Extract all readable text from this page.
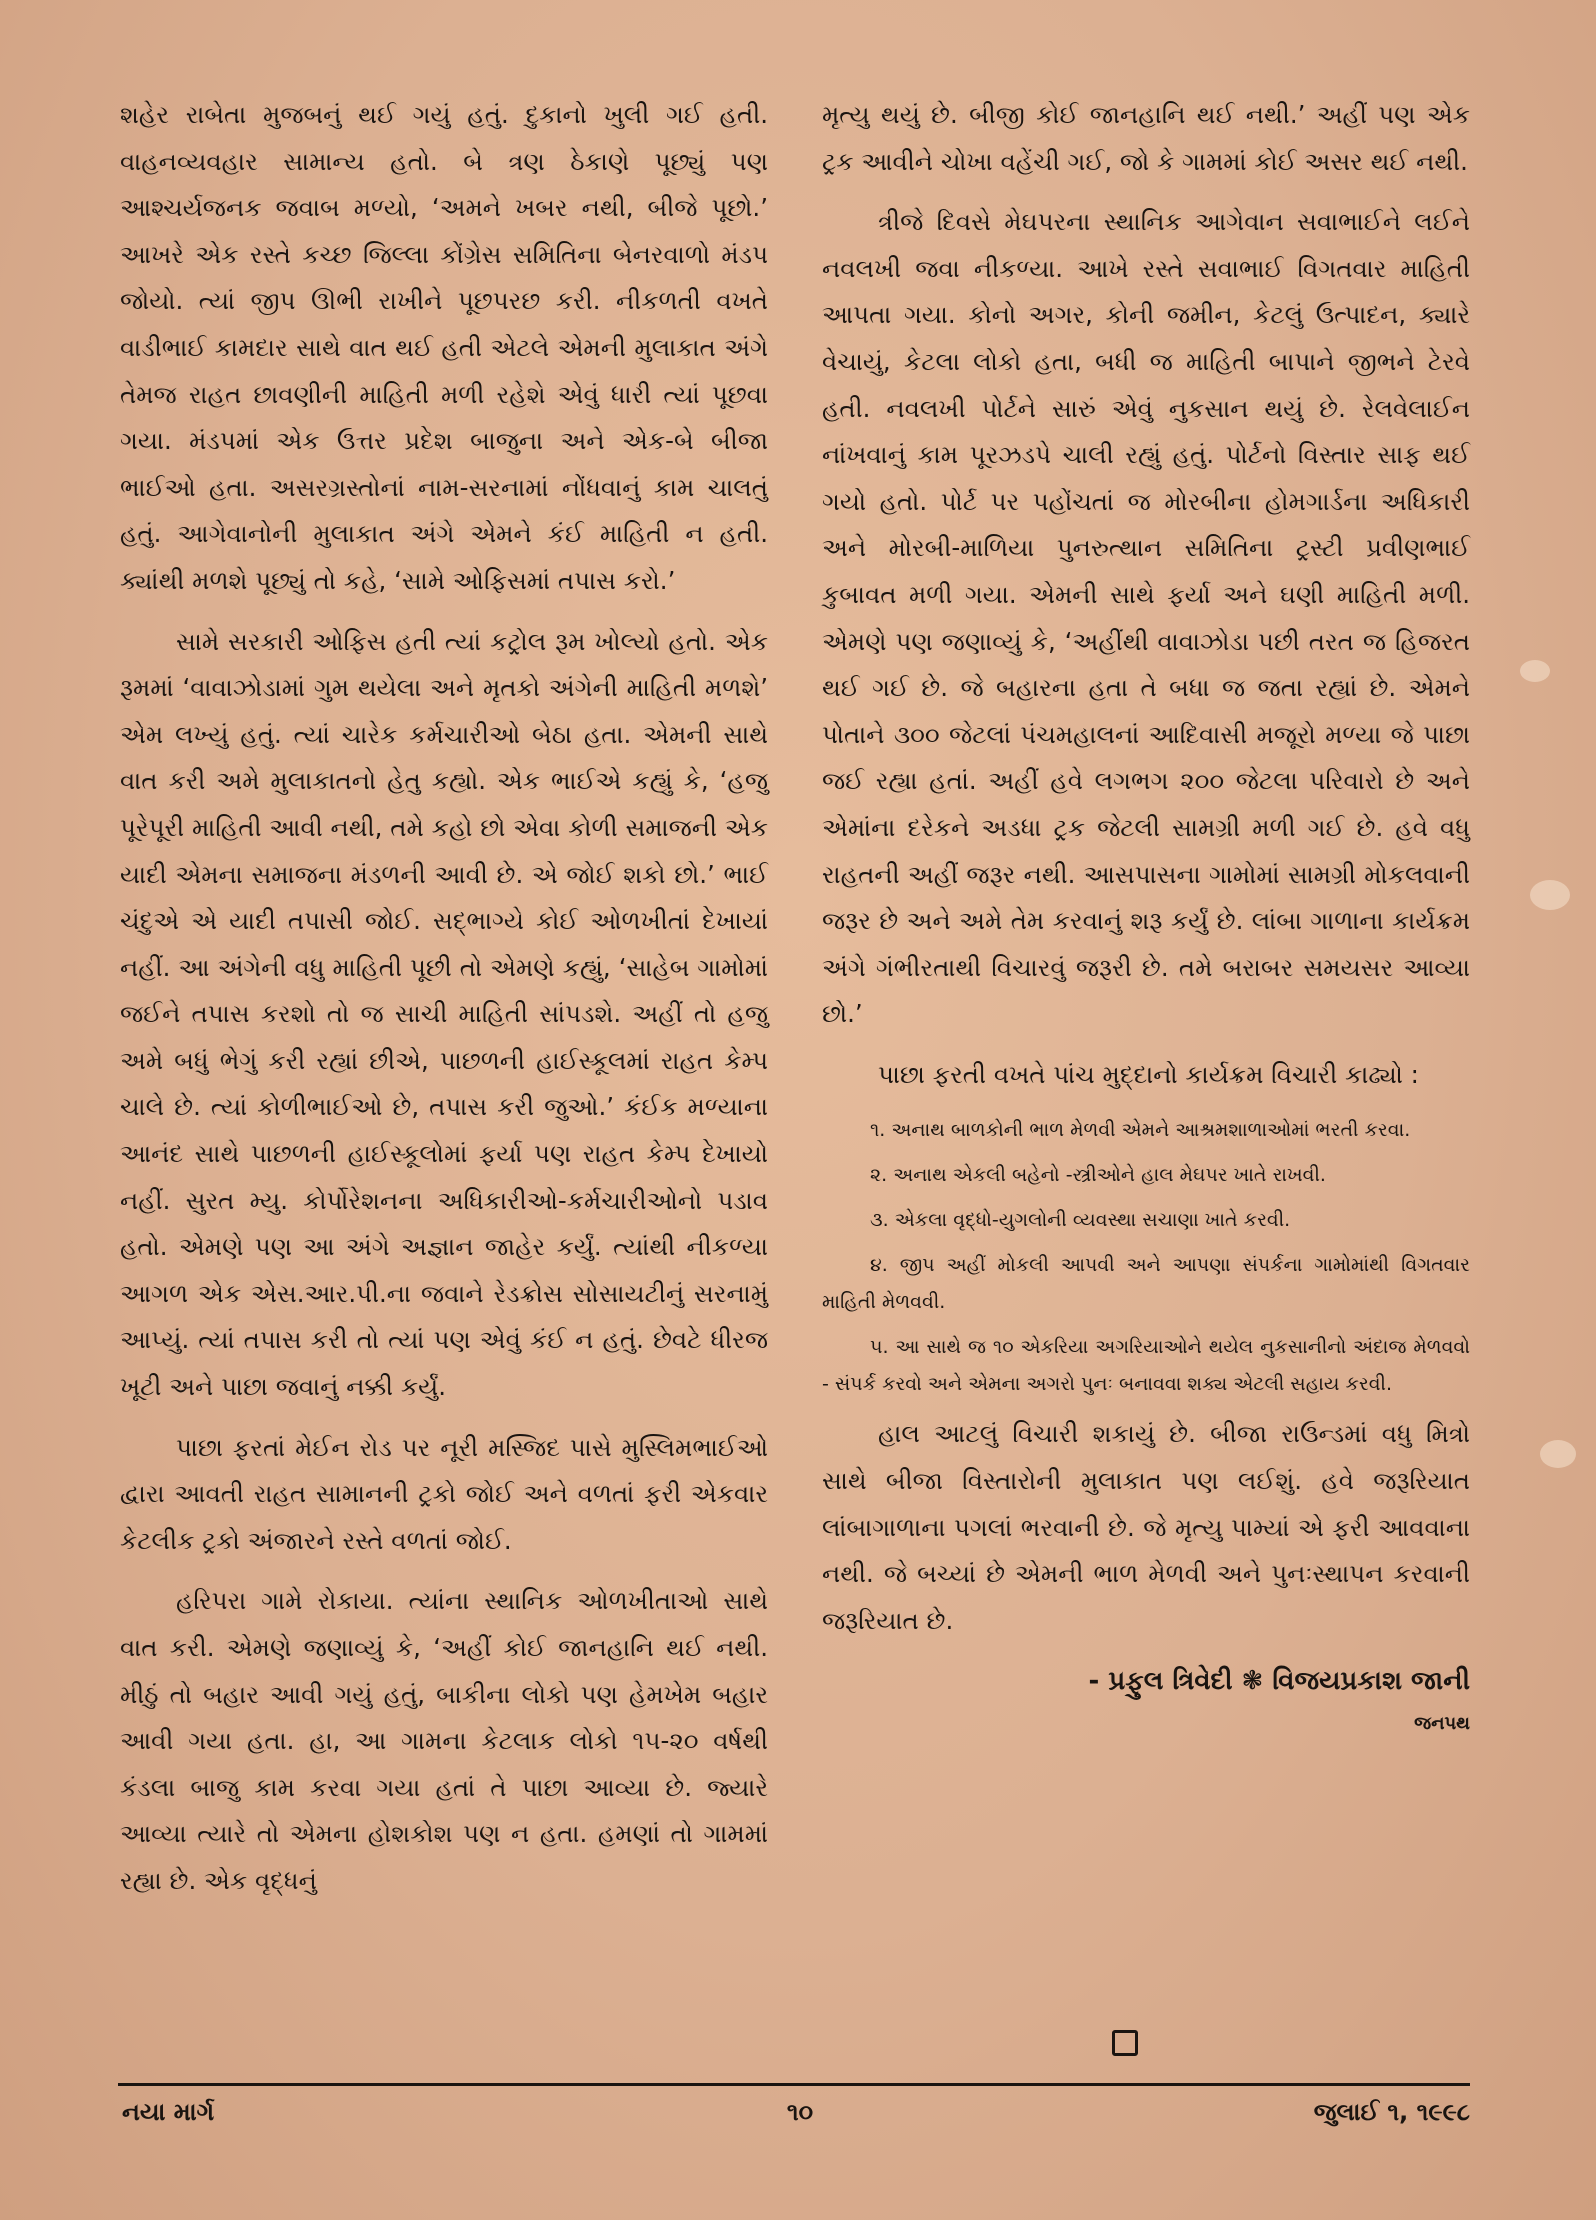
શહેર રાબેતા મુજબનું થઈ ગયું હતું. દુકાનો ખુલી ગઈ હતી. વાહનવ્યવહાર સામાન્ય હતો. બે ત્રણ ઠેકાણે પૂછ્યું પણ આશ્ચર્યજનક જવાબ મળ્યો, ‘અમને ખબર નથી, બીજે પૂછો.’ આખરે એક રસ્તે કચ્છ જિલ્લા કોંગ્રેસ સમિતિના બેનરવાળો મંડપ જોયો. ત્યાં જીપ ઊભી રાખીને પૂછપરછ કરી. નીકળતી વખતે વાડીભાઈ કામદાર સાથે વાત થઈ હતી એટલે એમની મુલાકાત અંગે તેમજ રાહત છાવણીની માહિતી મળી રહેશે એવું ધારી ત્યાં પૂછવા ગયા. મંડપમાં એક ઉત્તર પ્રદેશ બાજુના અને એક-બે બીજા ભાઈઓ હતા. અસરગ્રસ્તોનાં નામ-સરનામાં નોંધવાનું કામ ચાલતું હતું. આગેવાનોની મુલાકાત અંગે એમને કંઈ માહિતી ન હતી. ક્યાંથી મળશે પૂછ્યું તો કહે, ‘સામે ઓફિસમાં તપાસ કરો.’

સામે સરકારી ઓફિસ હતી ત્યાં કટ્રોલ રૂમ ખોલ્યો હતો. એક રૂમમાં ‘વાવાઝોડામાં ગુમ થયેલા અને મૃતકો અંગેની માહિતી મળશે’ એમ લખ્યું હતું. ત્યાં ચારેક કર્મચારીઓ બેઠા હતા. એમની સાથે વાત કરી અમે મુલાકાતનો હેતુ કહ્યો. એક ભાઈએ કહ્યું કે, ‘હજુ પૂરેપૂરી માહિતી આવી નથી, તમે કહો છો એવા કોળી સમાજની એક યાદી એમના સમાજના મંડળની આવી છે. એ જોઈ શકો છો.’ ભાઈ ચંદુએ એ યાદી તપાસી જોઈ. સદ્‌ભાગ્યે કોઈ ઓળખીતાં દેખાયાં નહીં. આ અંગેની વધુ માહિતી પૂછી તો એમણે કહ્યું, ‘સાહેબ ગામોમાં જઈને તપાસ કરશો તો જ સાચી માહિતી સાંપડશે. અહીં તો હજુ અમે બધું ભેગું કરી રહ્યાં છીએ, પાછળની હાઈસ્કૂલમાં રાહત કેમ્પ ચાલે છે. ત્યાં કોળીભાઈઓ છે, તપાસ કરી જુઓ.’ કંઈક મળ્યાના આનંદ સાથે પાછળની હાઈસ્કૂલોમાં ફર્યા પણ રાહત કેમ્પ દેખાયો નહીં. સુરત મ્યુ. કોર્પોરેશનના અધિકારીઓ-કર્મચારીઓનો પડાવ હતો. એમણે પણ આ અંગે અજ્ઞાન જાહેર કર્યું. ત્યાંથી નીકળ્યા આગળ એક એસ.આર.પી.ના જવાને રેડક્રોસ સોસાયટીનું સરનામું આપ્યું. ત્યાં તપાસ કરી તો ત્યાં પણ એવું કંઈ ન હતું. છેવટે ધીરજ ખૂટી અને પાછા જવાનું નક્કી કર્યું.

પાછા ફરતાં મેઈન રોડ પર નૂરી મસ્જિદ પાસે મુસ્લિમભાઈઓ દ્વારા આવતી રાહત સામાનની ટ્રકો જોઈ અને વળતાં ફરી એકવાર કેટલીક ટ્રકો અંજારને રસ્તે વળતાં જોઈ.

હરિપરા ગામે રોકાયા. ત્યાંના સ્થાનિક ઓળખીતાઓ સાથે વાત કરી. એમણે જણાવ્યું કે, ‘અહીં કોઈ જાનહાનિ થઈ નથી. મીઠું તો બહાર આવી ગયું હતું, બાકીના લોકો પણ હેમખેમ બહાર આવી ગયા હતા. હા, આ ગામના કેટલાક લોકો ૧૫-૨૦ વર્ષથી કંડલા બાજુ કામ કરવા ગયા હતાં તે પાછા આવ્યા છે. જ્યારે આવ્યા ત્યારે તો એમના હોશકોશ પણ ન હતા. હમણાં તો ગામમાં રહ્યા છે. એક વૃદ્ધનું

મૃત્યુ થયું છે. બીજી કોઈ જાનહાનિ થઈ નથી.’ અહીં પણ એક ટ્રક આવીને ચોખા વહેંચી ગઈ, જો કે ગામમાં કોઈ અસર થઈ નથી.

ત્રીજે દિવસે મેઘપરના સ્થાનિક આગેવાન સવાભાઈને લઈને નવલખી જવા નીકળ્યા. આખે રસ્તે સવાભાઈ વિગતવાર માહિતી આપતા ગયા. કોનો અગર, કોની જમીન, કેટલું ઉત્પાદન, ક્યારે વેચાયું, કેટલા લોકો હતા, બધી જ માહિતી બાપાને જીભને ટેરવે હતી. નવલખી પોર્ટને સારું એવું નુકસાન થયું છે. રેલવેલાઈન નાંખવાનું કામ પૂરઝડપે ચાલી રહ્યું હતું. પોર્ટનો વિસ્તાર સાફ થઈ ગયો હતો. પોર્ટ પર પહોંચતાં જ મોરબીના હોમગાર્ડના અધિકારી અને મોરબી-માળિયા પુનરુત્થાન સમિતિના ટ્રસ્ટી પ્રવીણભાઈ કુબાવત મળી ગયા. એમની સાથે ફર્યા અને ઘણી માહિતી મળી. એમણે પણ જણાવ્યું કે, ‘અહીંથી વાવાઝોડા પછી તરત જ હિજરત થઈ ગઈ છે. જે બહારના હતા તે બધા જ જતા રહ્યાં છે. એમને પોતાને ૩૦૦ જેટલાં પંચમહાલનાં આદિવાસી મજૂરો મળ્યા જે પાછા જઈ રહ્યા હતાં. અહીં હવે લગભગ ૨૦૦ જેટલા પરિવારો છે અને એમાંના દરેકને અડધા ટ્રક જેટલી સામગ્રી મળી ગઈ છે. હવે વધુ રાહતની અહીં જરૂર નથી. આસપાસના ગામોમાં સામગ્રી મોકલવાની જરૂર છે અને અમે તેમ કરવાનું શરૂ કર્યું છે. લાંબા ગાળાના કાર્યક્રમ અંગે ગંભીરતાથી વિચારવું જરૂરી છે. તમે બરાબર સમયસર આવ્યા છો.’

પાછા ફરતી વખતે પાંચ મુદ્દાનો કાર્યક્રમ વિચારી કાઢ્યો :

૧. અનાથ બાળકોની ભાળ મેળવી એમને આશ્રમશાળાઓમાં ભરતી કરવા.

૨. અનાથ એકલી બહેનો -સ્ત્રીઓને હાલ મેઘપર ખાતે રાખવી.

૩. એકલા વૃદ્ધો-યુગલોની વ્યવસ્થા સચાણા ખાતે કરવી.

૪. જીપ અહીં મોકલી આપવી અને આપણા સંપર્કના ગામોમાંથી વિગતવાર માહિતી મેળવવી.

૫. આ સાથે જ ૧૦ એકરિયા અગરિયાઓને થયેલ નુકસાનીનો અંદાજ મેળવવો - સંપર્ક કરવો અને એમના અગરો પુનઃ બનાવવા શક્ય એટલી સહાય કરવી.

હાલ આટલું વિચારી શકાયું છે. બીજા રાઉન્ડમાં વધુ મિત્રો સાથે બીજા વિસ્તારોની મુલાકાત પણ લઈશું. હવે જરૂરિયાત લાંબાગાળાના પગલાં ભરવાની છે. જે મૃત્યુ પામ્યાં એ ફરી આવવાના નથી. જે બચ્યાં છે એમની ભાળ મેળવી અને પુનઃસ્થાપન કરવાની જરૂરિયાત છે.

- પ્રફુલ ત્રિવેદી ❃ વિજયપ્રકાશ જાની
જનપથ
નયા માર્ગ	૧૦	જુલાઈ ૧, ૧૯૯૮
